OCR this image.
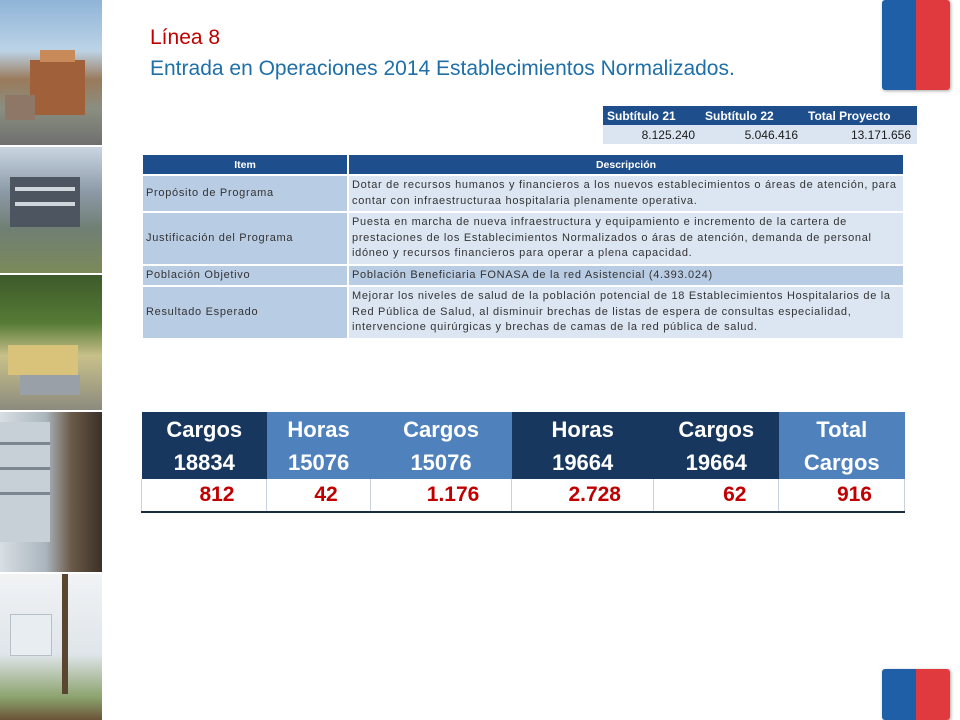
Línea 8
Entrada en Operaciones 2014 Establecimientos Normalizados.
Subtítulo 21	Subtítulo 22	Total Proyecto
8.125.240	5.046.416	13.171.656
Item	Descripción
Propósito de Programa	Dotar de recursos humanos y financieros a los nuevos establecimientos o áreas de atención, para contar con infraestructuraa hospitalaria plenamente operativa.
Justificación del Programa	Puesta en marcha de nueva infraestructura y equipamiento e incremento de la cartera de prestaciones de los Establecimientos Normalizados o áras de atención, demanda de personal idóneo y recursos financieros para operar a plena capacidad.
Población Objetivo	Población Beneficiaria FONASA de la red Asistencial (4.393.024)
Resultado Esperado	Mejorar los niveles de salud de la población potencial de 18 Establecimientos Hospitalarios de la Red Pública de Salud, al disminuir brechas de listas de espera de consultas especialidad, intervencione quirúrgicas y brechas de camas de la red pública de salud.
Cargos	Horas	Cargos	Horas	Cargos	Total
18834	15076	15076	19664	19664	Cargos
812	42	1.176	2.728	62	916
